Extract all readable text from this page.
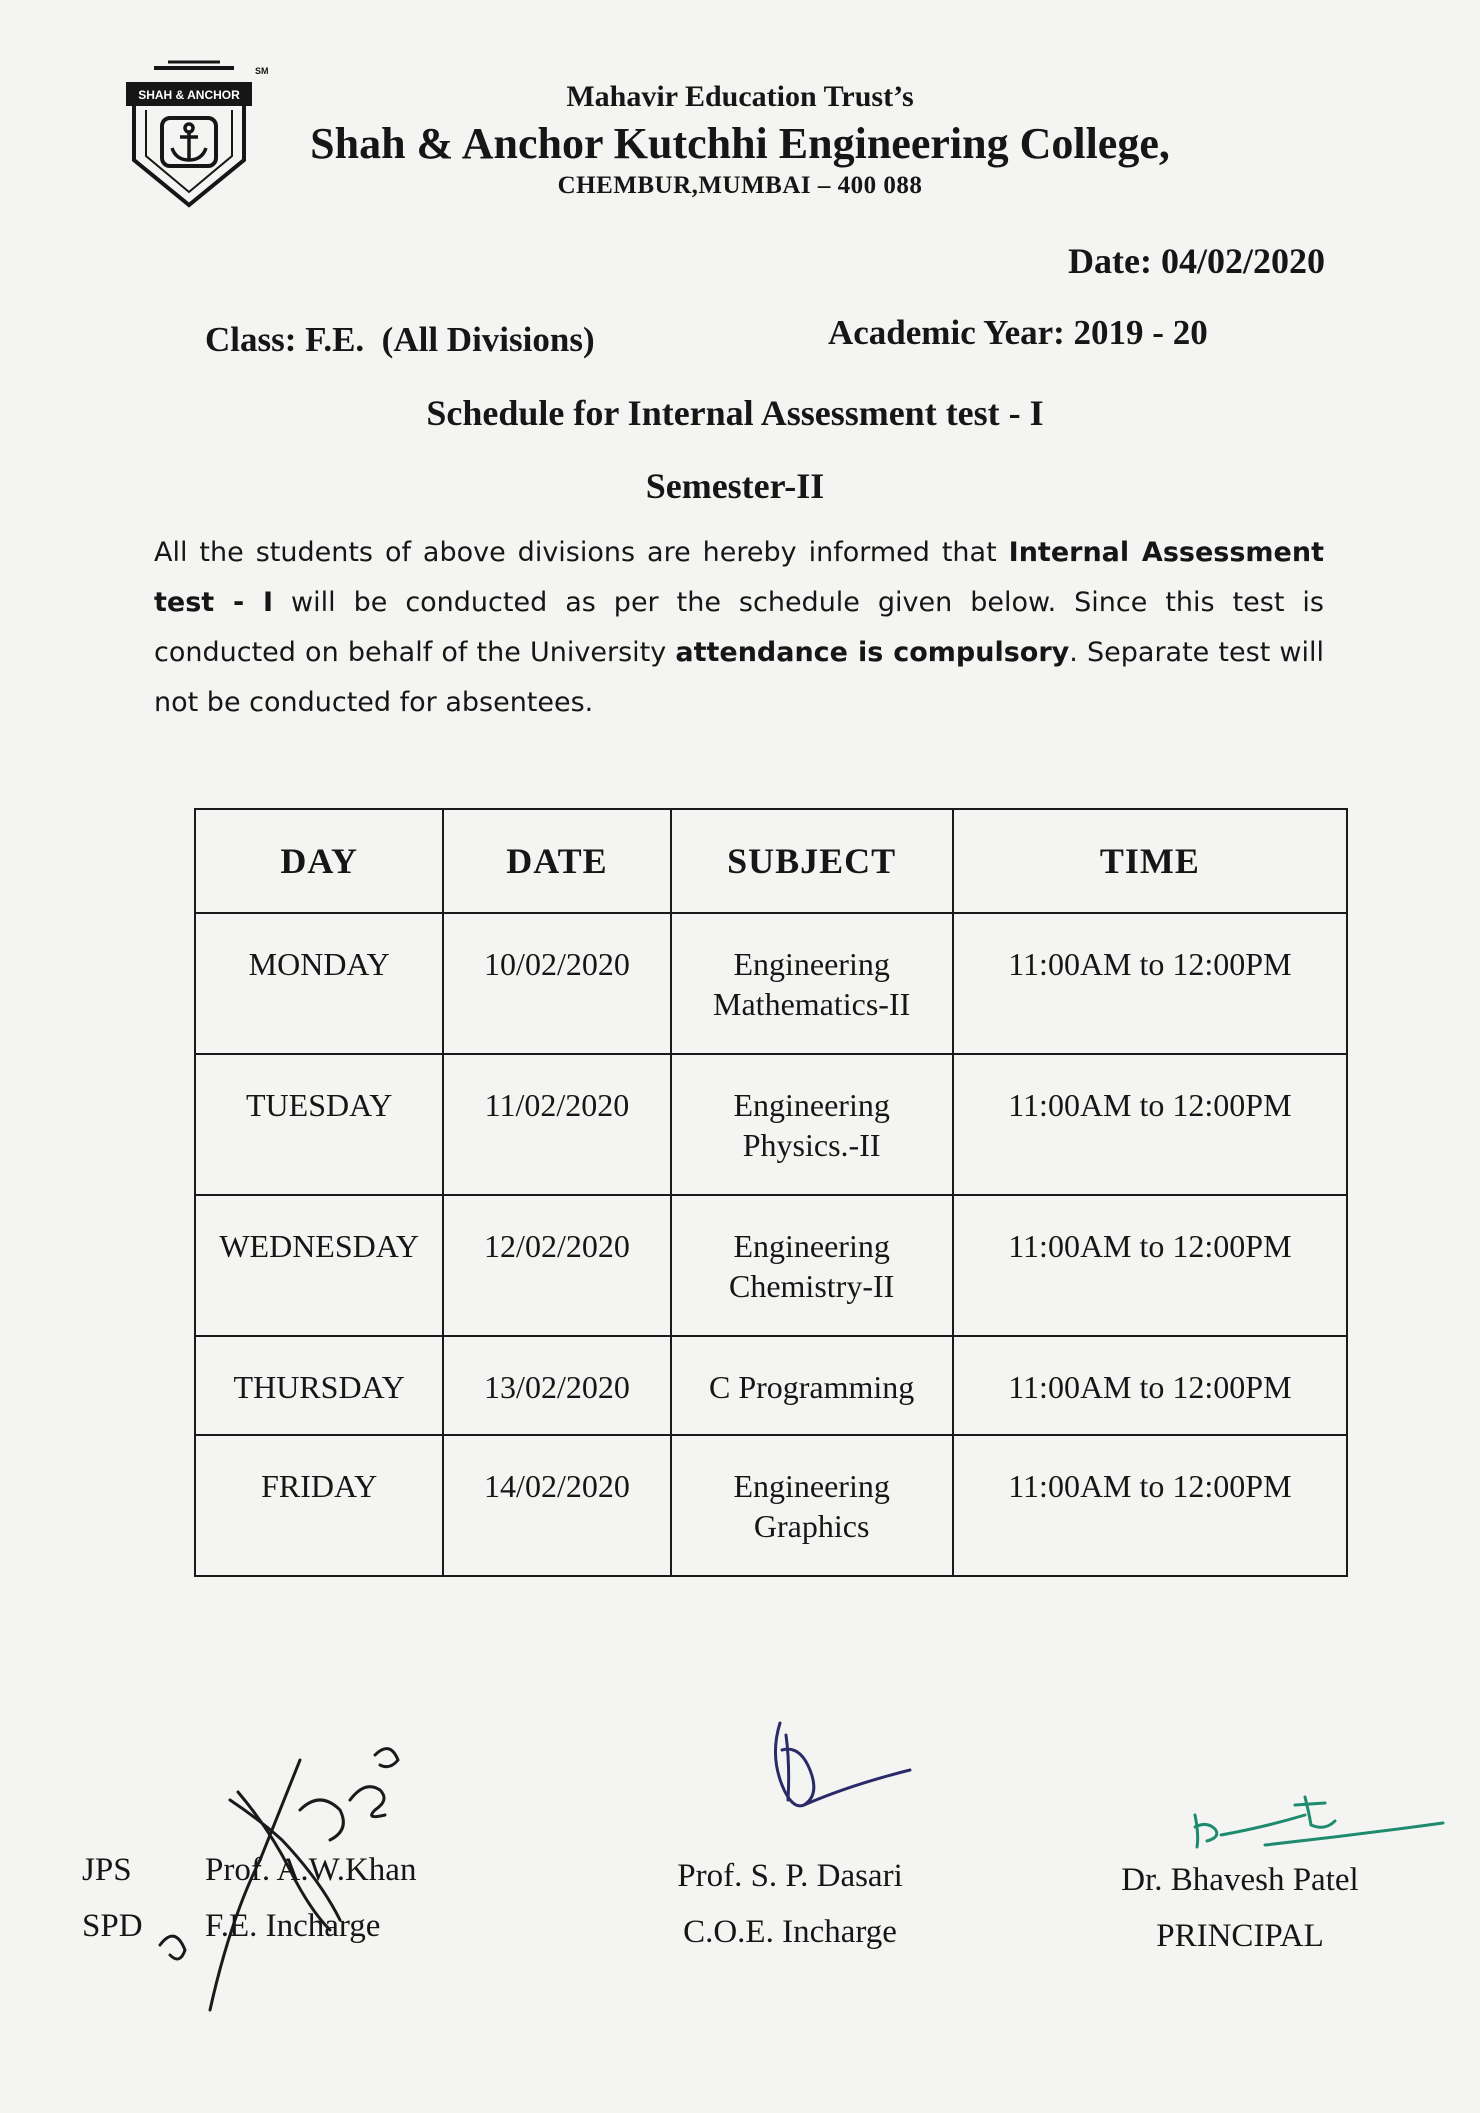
SHAH & ANCHOR
SM
Mahavir Education Trust’s
Shah & Anchor Kutchhi Engineering College,
CHEMBUR,MUMBAI – 400 088
Date: 04/02/2020
Class: F.E.  (All Divisions)	Academic Year: 2019 - 20
Schedule for Internal Assessment test - I
Semester-II
All the students of above divisions are hereby informed that Internal Assessment test - I will be conducted as per the schedule given below. Since this test is conducted on behalf of the University attendance is compulsory. Separate test will not be conducted for absentees.
DAY	DATE	SUBJECT	TIME
MONDAY	10/02/2020	Engineering Mathematics-II	11:00AM to 12:00PM
TUESDAY	11/02/2020	Engineering Physics.-II	11:00AM to 12:00PM
WEDNESDAY	12/02/2020	Engineering Chemistry-II	11:00AM to 12:00PM
THURSDAY	13/02/2020	C Programming	11:00AM to 12:00PM
FRIDAY	14/02/2020	Engineering Graphics	11:00AM to 12:00PM
JPS
SPD
Prof. A.W.Khan
F.E. Incharge
Prof. S. P. Dasari
C.O.E. Incharge
Dr. Bhavesh Patel
PRINCIPAL
